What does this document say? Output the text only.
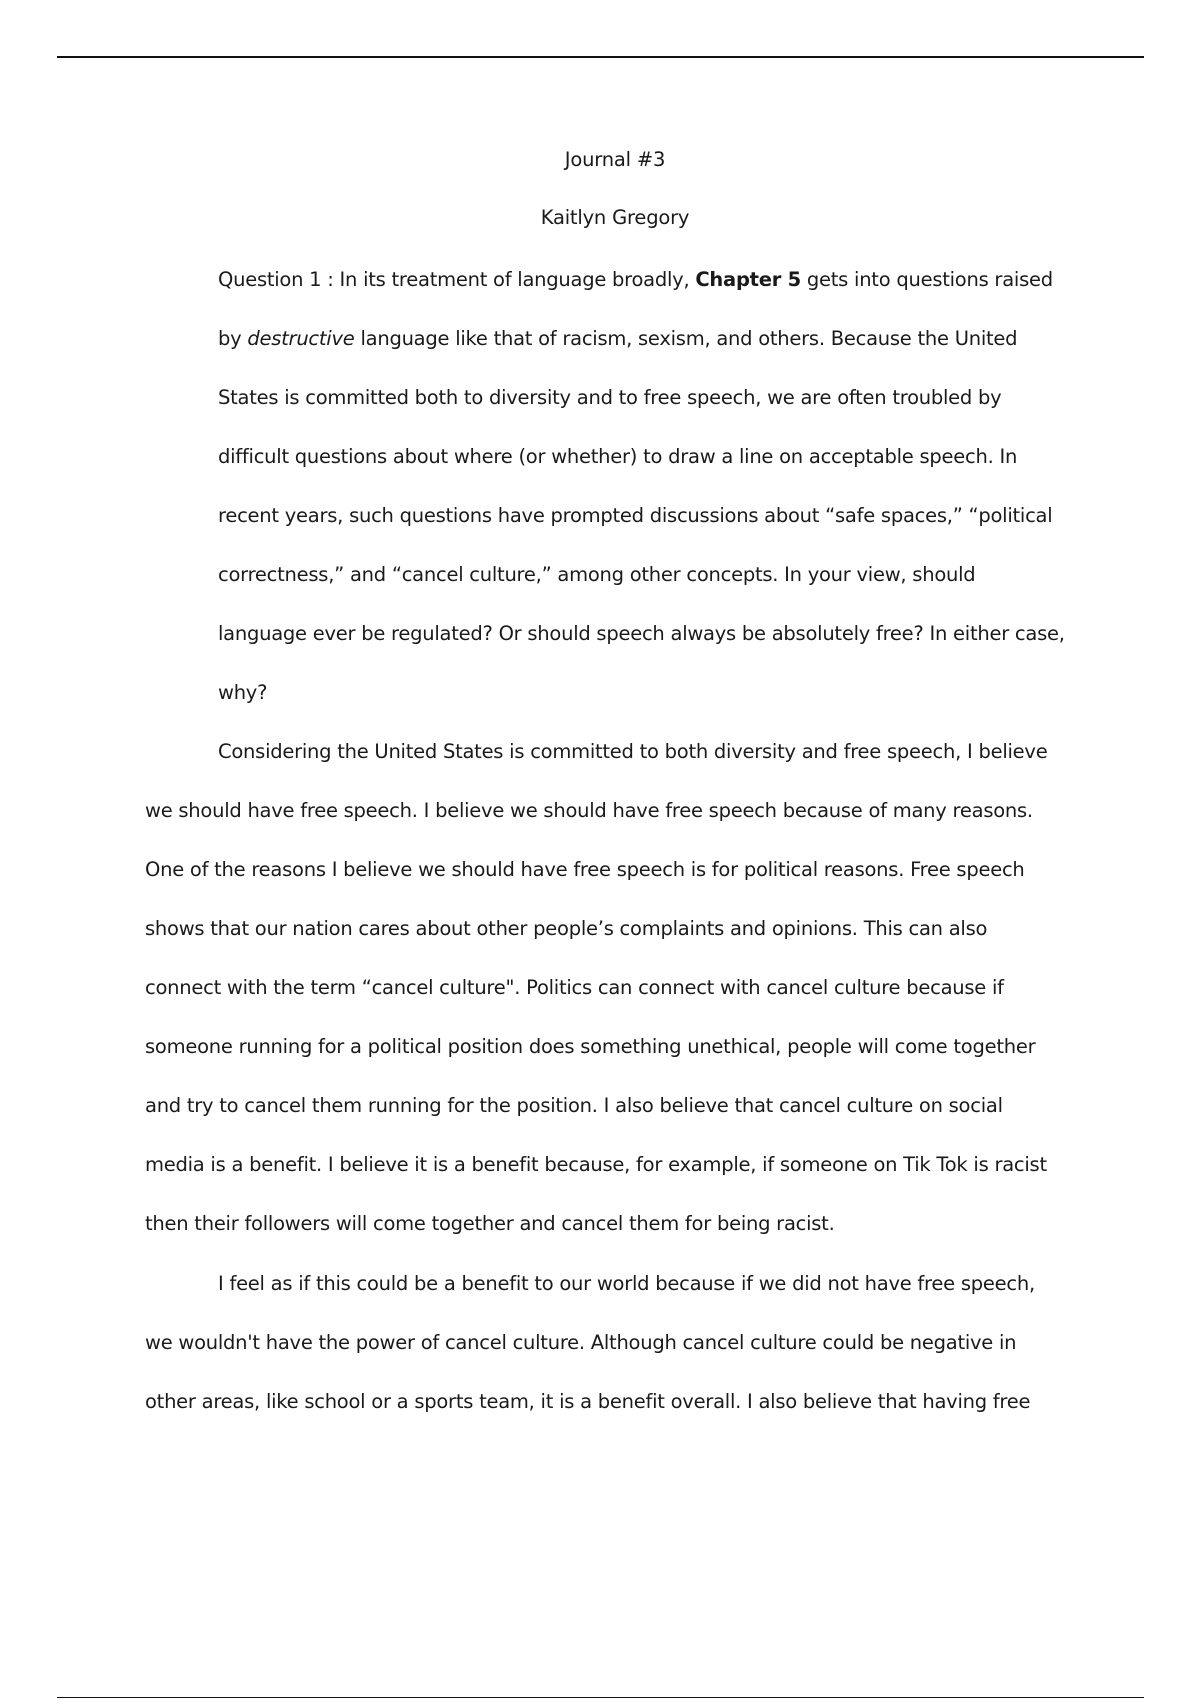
Journal #3
Kaitlyn Gregory
Question 1 : In its treatment of language broadly, Chapter 5 gets into questions raised
by destructive language like that of racism, sexism, and others. Because the United
States is committed both to diversity and to free speech, we are often troubled by
difficult questions about where (or whether) to draw a line on acceptable speech. In
recent years, such questions have prompted discussions about “safe spaces,” “political
correctness,” and “cancel culture,” among other concepts. In your view, should
language ever be regulated? Or should speech always be absolutely free? In either case,
why?
Considering the United States is committed to both diversity and free speech, I believe
we should have free speech. I believe we should have free speech because of many reasons.
One of the reasons I believe we should have free speech is for political reasons. Free speech
shows that our nation cares about other people’s complaints and opinions. This can also
connect with the term “cancel culture". Politics can connect with cancel culture because if
someone running for a political position does something unethical, people will come together
and try to cancel them running for the position. I also believe that cancel culture on social
media is a benefit. I believe it is a benefit because, for example, if someone on Tik Tok is racist
then their followers will come together and cancel them for being racist.
I feel as if this could be a benefit to our world because if we did not have free speech,
we wouldn't have the power of cancel culture. Although cancel culture could be negative in
other areas, like school or a sports team, it is a benefit overall. I also believe that having free
